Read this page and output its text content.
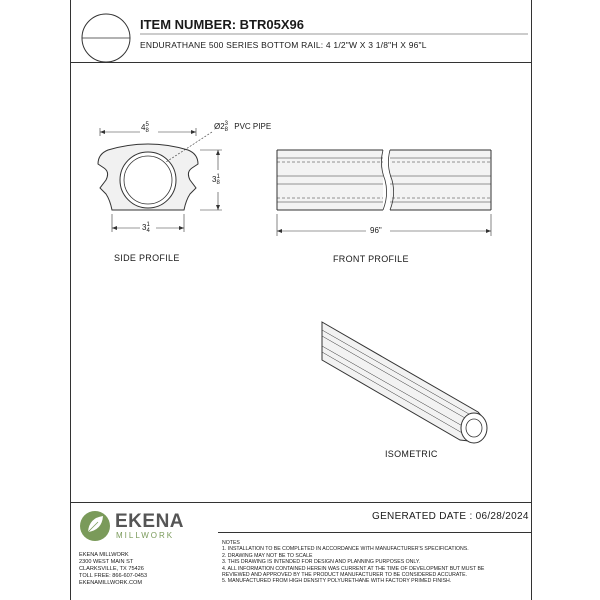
ITEM NUMBER: BTR05X96
ENDURATHANE 500 SERIES BOTTOM RAIL: 4 1/2"W X 3 1/8"H X 96"L
45
8	Ø23
8 PVC PIPE
31
8
31
4
SIDE PROFILE
96"
FRONT PROFILE
ISOMETRIC
EKENA
MILLWORK
EKENA MILLWORK
2300 WEST MAIN ST
CLARKSVILLE, TX 75426
TOLL FREE: 866-607-0453
EKENAMILLWORK.COM
GENERATED DATE : 06/28/2024
NOTES
1. INSTALLATION TO BE COMPLETED IN ACCORDANCE WITH MANUFACTURER'S SPECIFICATIONS.
2. DRAWING MAY NOT BE TO SCALE
3. THIS DRAWING IS INTENDED FOR DESIGN AND PLANNING PURPOSES ONLY.
4. ALL INFORMATION CONTAINED HEREIN WAS CURRENT AT THE TIME OF DEVELOPMENT BUT MUST BE
REVIEWED AND APPROVED BY THE PRODUCT MANUFACTURER TO BE CONSIDERED ACCURATE.
5. MANUFACTURED FROM HIGH DENSITY POLYURETHANE WITH FACTORY PRIMED FINISH.
